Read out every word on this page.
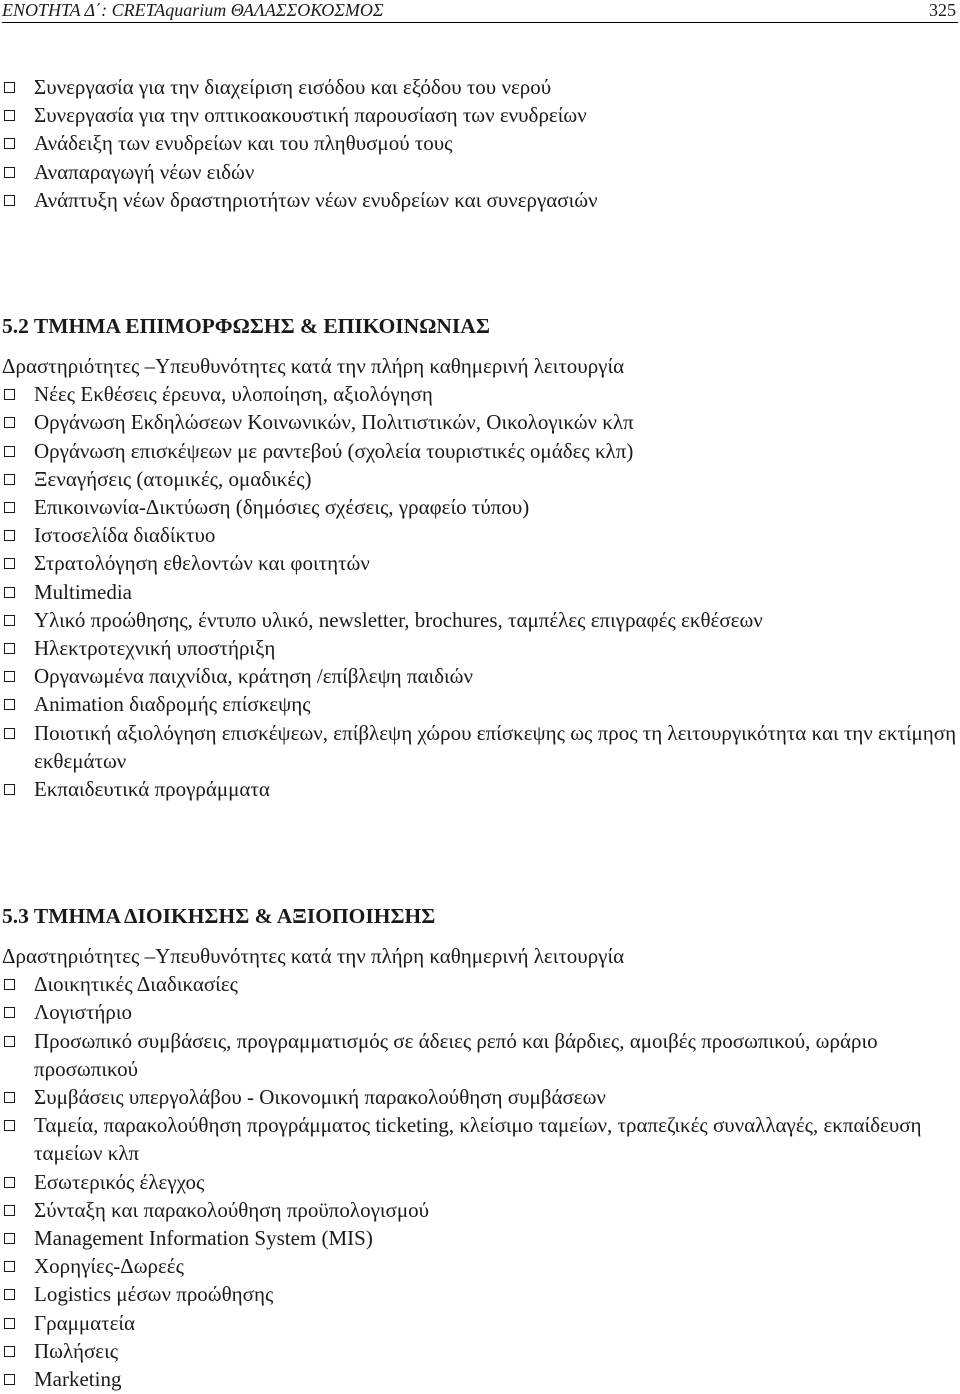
ΕΝΟΤΗΤΑ Δ΄: CRETAquarium ΘΑΛΑΣΣΟΚΟΣΜΟΣ	325
Συνεργασία για την διαχείριση εισόδου και εξόδου του νερού
Συνεργασία για την οπτικοακουστική παρουσίαση των ενυδρείων
Ανάδειξη των ενυδρείων και του πληθυσμού τους
Αναπαραγωγή νέων ειδών
Ανάπτυξη νέων δραστηριοτήτων νέων ενυδρείων και συνεργασιών
5.2 ΤΜΗΜΑ ΕΠΙΜΟΡΦΩΣΗΣ & ΕΠΙΚΟΙΝΩΝΙΑΣ
Δραστηριότητες –Υπευθυνότητες κατά την πλήρη καθημερινή λειτουργία
Νέες Εκθέσεις έρευνα, υλοποίηση, αξιολόγηση
Οργάνωση Εκδηλώσεων Κοινωνικών, Πολιτιστικών, Οικολογικών κλπ
Οργάνωση επισκέψεων με ραντεβού (σχολεία τουριστικές ομάδες κλπ)
Ξεναγήσεις (ατομικές, ομαδικές)
Επικοινωνία-Δικτύωση (δημόσιες σχέσεις, γραφείο τύπου)
Ιστοσελίδα διαδίκτυο
Στρατολόγηση εθελοντών και φοιτητών
Multimedia
Υλικό προώθησης, έντυπο υλικό, newsletter, brochures, ταμπέλες επιγραφές εκθέσεων
Ηλεκτροτεχνική υποστήριξη
Οργανωμένα παιχνίδια, κράτηση /επίβλεψη παιδιών
Animation διαδρομής επίσκεψης
Ποιοτική αξιολόγηση επισκέψεων, επίβλεψη χώρου επίσκεψης ως προς τη λειτουργικότητα και την εκτίμηση εκθεμάτων
Εκπαιδευτικά προγράμματα
5.3 ΤΜΗΜΑ ΔΙΟΙΚΗΣΗΣ & ΑΞΙΟΠΟΙΗΣΗΣ
Δραστηριότητες –Υπευθυνότητες κατά την πλήρη καθημερινή λειτουργία
Διοικητικές Διαδικασίες
Λογιστήριο
Προσωπικό συμβάσεις, προγραμματισμός σε άδειες ρεπό και βάρδιες, αμοιβές προσωπικού, ωράριο προσωπικού
Συμβάσεις υπεργολάβου - Οικονομική παρακολούθηση συμβάσεων
Ταμεία, παρακολούθηση προγράμματος ticketing, κλείσιμο ταμείων, τραπεζικές συναλλαγές, εκπαίδευση ταμείων κλπ
Εσωτερικός έλεγχος
Σύνταξη και παρακολούθηση προϋπολογισμού
Management Information System (MIS)
Χορηγίες-Δωρεές
Logistics μέσων προώθησης
Γραμματεία
Πωλήσεις
Marketing
